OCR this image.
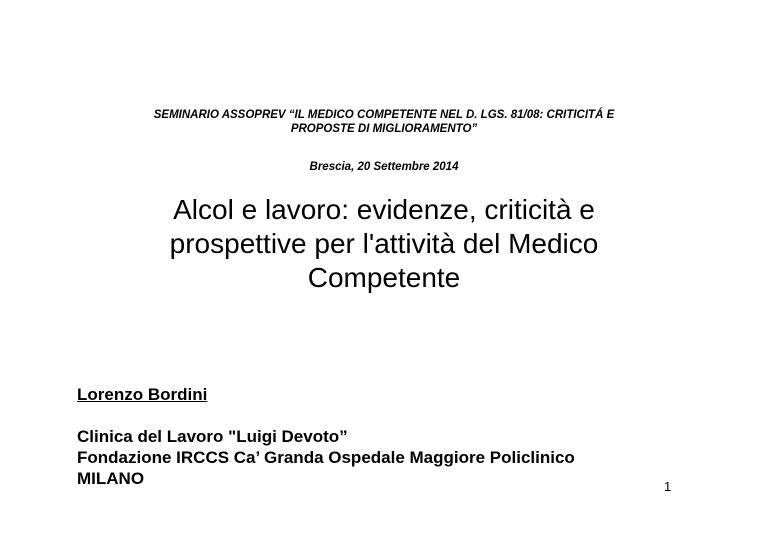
SEMINARIO ASSOPREV “IL MEDICO COMPETENTE NEL D. LGS. 81/08: CRITICITÁ E
PROPOSTE DI MIGLIORAMENTO”
Brescia, 20 Settembre 2014
Alcol e lavoro: evidenze, criticità e
prospettive per l'attività del Medico
Competente
Lorenzo Bordini
Clinica del Lavoro "Luigi Devoto”
Fondazione IRCCS Ca’ Granda Ospedale Maggiore Policlinico
MILANO	1
